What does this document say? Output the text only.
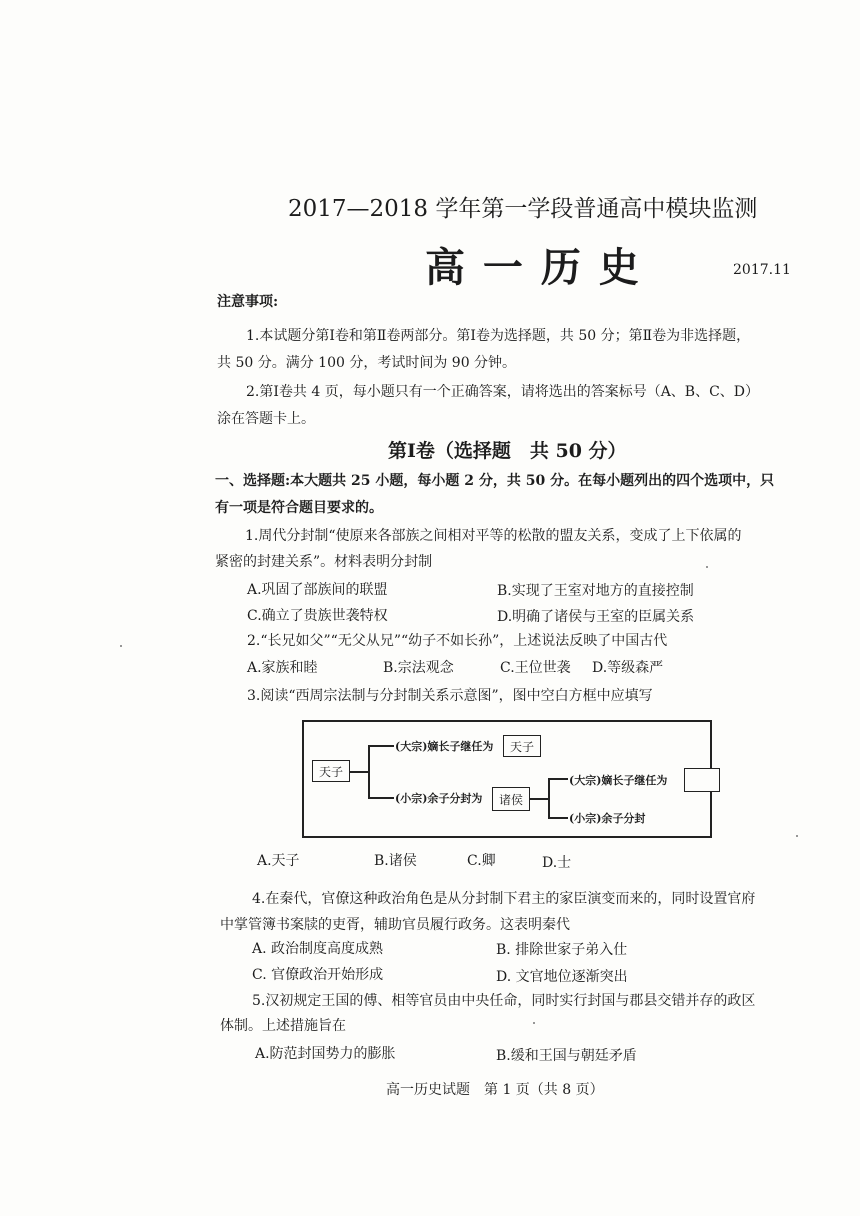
2017—2018 学年第一学段普通高中模块监测
高 一 历 史	2017.11
注意事项:
1.本试题分第Ⅰ卷和第Ⅱ卷两部分。第Ⅰ卷为选择题，共 50 分；第Ⅱ卷为非选择题，
共 50 分。满分 100 分，考试时间为 90 分钟。
2.第Ⅰ卷共 4 页，每小题只有一个正确答案，请将选出的答案标号（A、B、C、D）
涂在答题卡上。
第Ⅰ卷（选择题　共 50 分）
一、选择题:本大题共 25 小题，每小题 2 分，共 50 分。在每小题列出的四个选项中，只
有一项是符合题目要求的。
1.周代分封制“使原来各部族之间相对平等的松散的盟友关系，变成了上下依属的
紧密的封建关系”。材料表明分封制
A.巩固了部族间的联盟	B.实现了王室对地方的直接控制
C.确立了贵族世袭特权	D.明确了诸侯与王室的臣属关系
2.“长兄如父”“无父从兄”“幼子不如长孙”，上述说法反映了中国古代
A.家族和睦	B.宗法观念	C.王位世袭 D.等级森严
3.阅读“西周宗法制与分封制关系示意图”，图中空白方框中应填写
天子
(大宗)嫡长子继任为	天子
(小宗)余子分封为	诸侯
(大宗)嫡长子继任为
(小宗)余子分封
A.天子	B.诸侯	C.卿	D.士
4.在秦代，官僚这种政治角色是从分封制下君主的家臣演变而来的，同时设置官府
中掌管簿书案牍的吏胥，辅助官员履行政务。这表明秦代
A. 政治制度高度成熟	B. 排除世家子弟入仕
C. 官僚政治开始形成	D. 文官地位逐渐突出
5.汉初规定王国的傅、相等官员由中央任命，同时实行封国与郡县交错并存的政区
体制。上述措施旨在
A.防范封国势力的膨胀	B.缓和王国与朝廷矛盾
高一历史试题　第 1 页（共 8 页）
